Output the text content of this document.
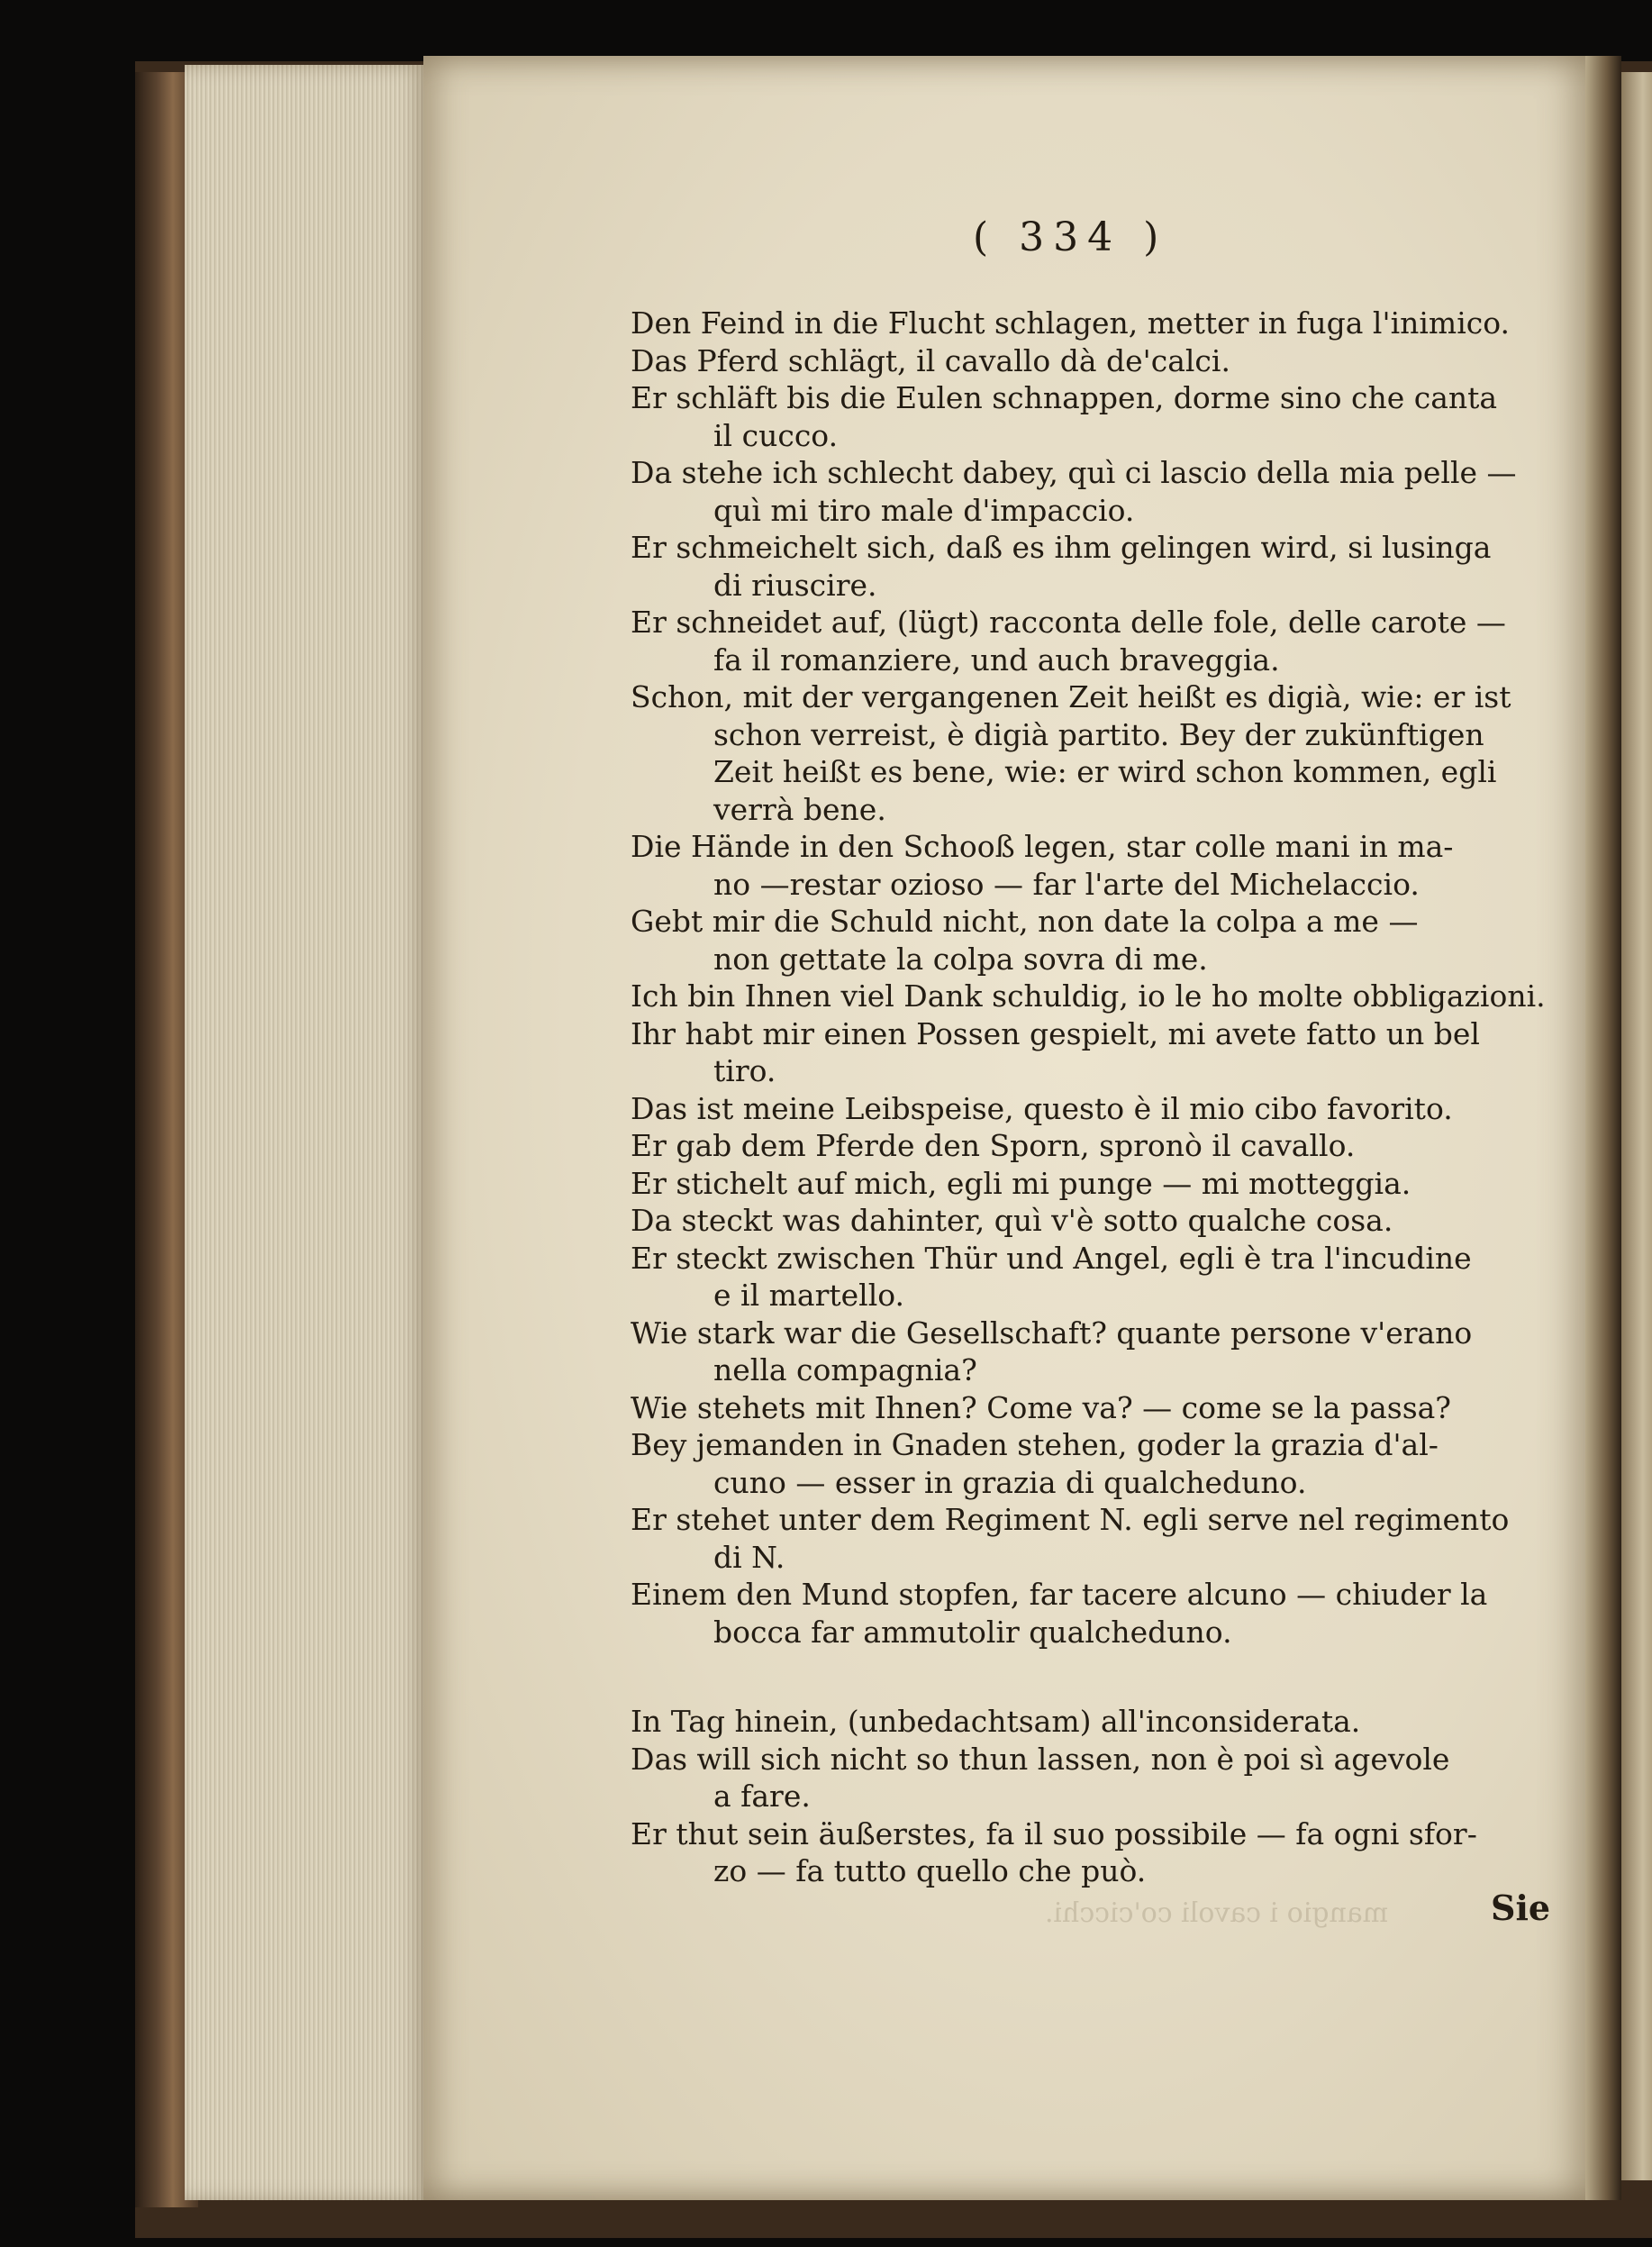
( 334 )

Den Feind in die Flucht schlagen, metter in fuga l'inimico.

Das Pferd schlägt, il cavallo dà de'calci.

Er schläft bis die Eulen schnappen, dorme sino che canta
il cucco.

Da stehe ich schlecht dabey, quì ci lascio della mia pelle —
quì mi tiro male d'impaccio.

Er schmeichelt sich, daß es ihm gelingen wird, si lusinga
di riuscire.

Er schneidet auf, (lügt) racconta delle fole, delle carote —
fa il romanziere, und auch braveggia.

Schon, mit der vergangenen Zeit heißt es digià, wie: er ist
schon verreist, è digià partito. Bey der zukünftigen Zeit heißt es bene, wie: er wird schon kommen, egli verrà bene.

Die Hände in den Schooß legen, star colle mani in ma-
no —restar ozioso — far l'arte del Michelaccio.

Gebt mir die Schuld nicht, non date la colpa a me —
non gettate la colpa sovra di me.

Ich bin Ihnen viel Dank schuldig, io le ho molte obbligazioni.

Ihr habt mir einen Possen gespielt, mi avete fatto un bel
tiro.

Das ist meine Leibspeise, questo è il mio cibo favorito.

Er gab dem Pferde den Sporn, spronò il cavallo.

Er stichelt auf mich, egli mi punge — mi motteggia.

Da steckt was dahinter, quì v'è sotto qualche cosa.

Er steckt zwischen Thür und Angel, egli è tra l'incudine
e il martello.

Wie stark war die Gesellschaft? quante persone v'erano
nella compagnia?

Wie stehets mit Ihnen? Come va? — come se la passa?

Bey jemanden in Gnaden stehen, goder la grazia d'al-
cuno — esser in grazia di qualcheduno.

Er stehet unter dem Regiment N. egli serve nel regimento
di N.

Einem den Mund stopfen, far tacere alcuno — chiuder la
bocca far ammutolir qualcheduno.

In Tag hinein, (unbedachtsam) all'inconsiderata.

Das will sich nicht so thun lassen, non è poi sì agevole
a fare.

Er thut sein äußerstes, fa il suo possibile — fa ogni sfor-
zo — fa tutto quello che può.

mangio i cavoli co'cicchi.	Sie
